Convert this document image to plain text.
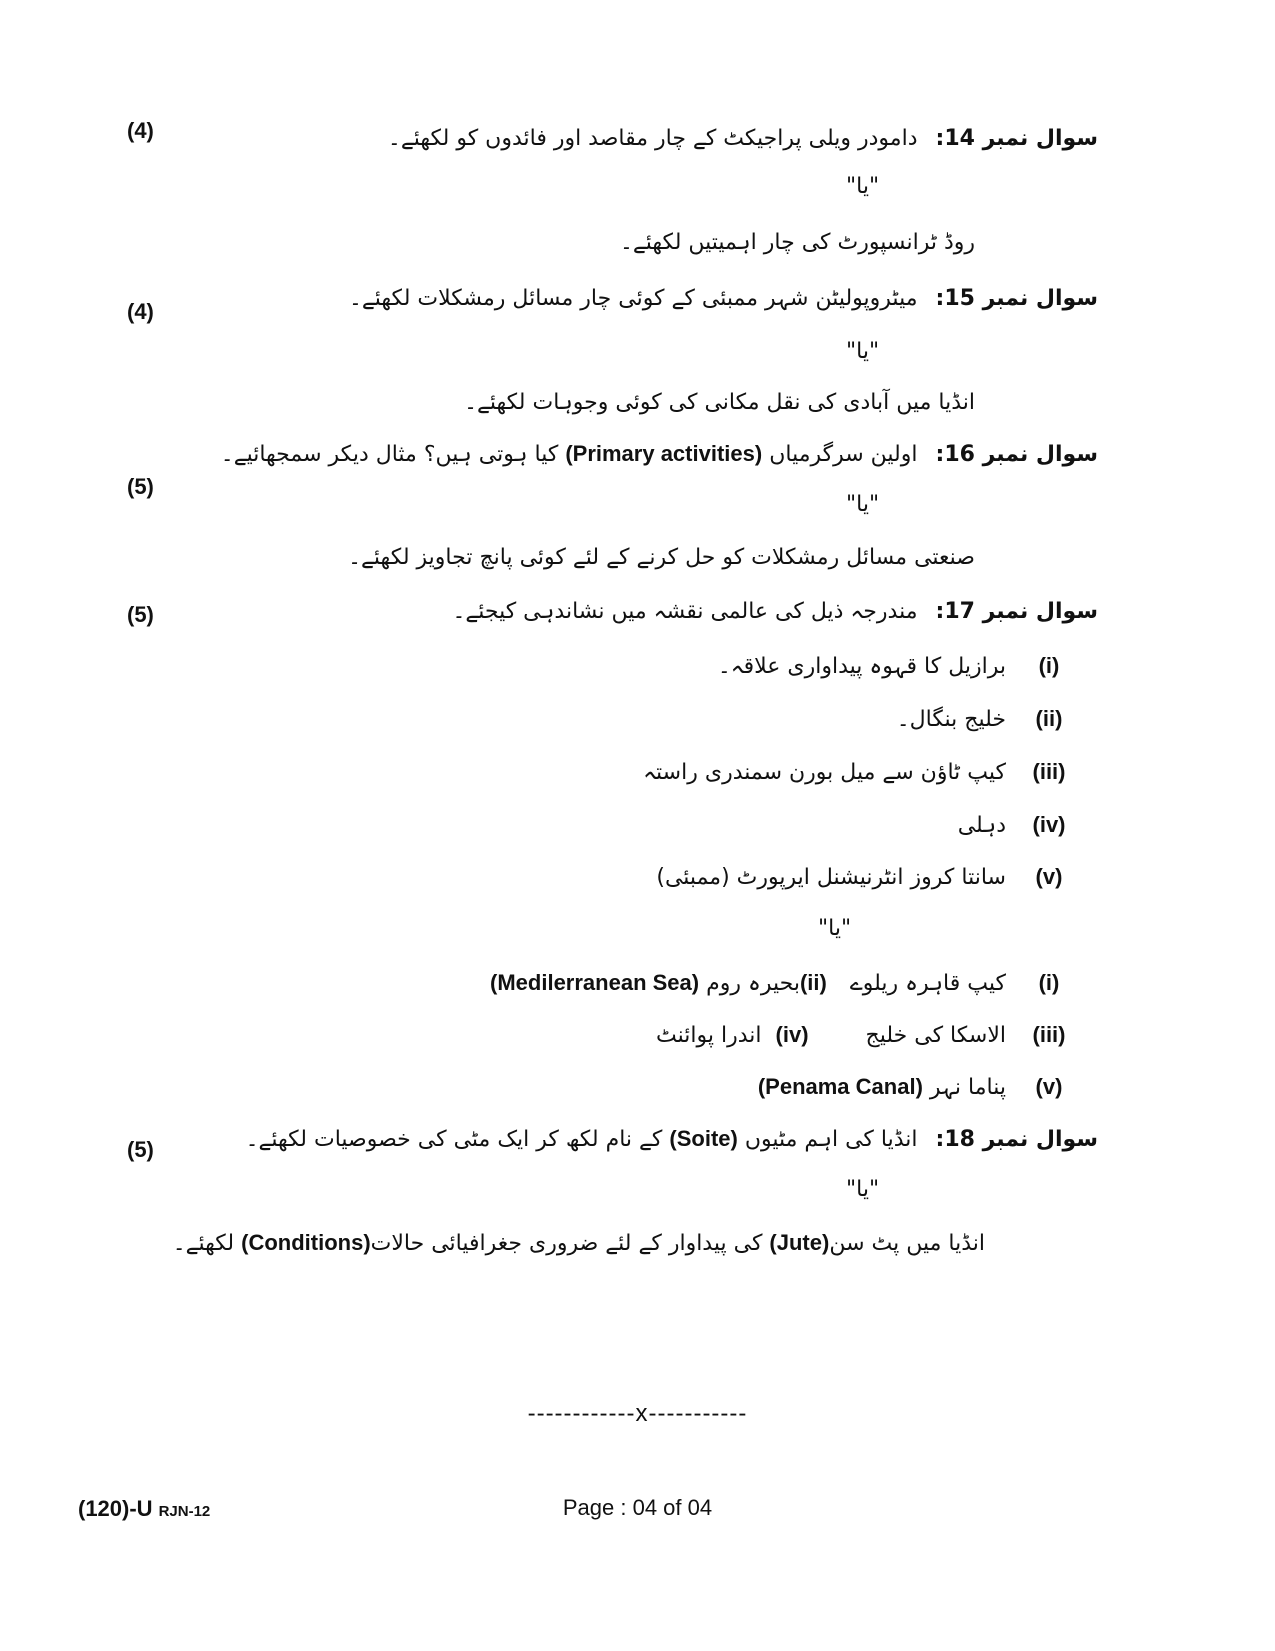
(4)	سوال نمبر 14:دامودر ویلی پراجیکٹ کے چار مقاصد اور فائدوں کو لکھئے۔
"یا"
روڈ ٹرانسپورٹ کی چار اہمیتیں لکھئے۔
(4)
سوال نمبر 15:میٹروپولیٹن شہر ممبئی کے کوئی چار مسائل رمشکلات لکھئے۔
"یا"
انڈیا میں آبادی کی نقل مکانی کی کوئی وجوہات لکھئے۔
(5)
سوال نمبر 16:اولین سرگرمیاں (Primary activities) کیا ہوتی ہیں؟ مثال دیکر سمجھائیے۔
"یا"
صنعتی مسائل رمشکلات کو حل کرنے کے لئے کوئی پانچ تجاویز لکھئے۔
(5)	سوال نمبر 17:مندرجہ ذیل کی عالمی نقشہ میں نشاندہی کیجئے۔
(i)برازیل کا قہوہ پیداواری علاقہ۔
(ii)خلیج بنگال۔
(iii)کیپ ٹاؤن سے میل بورن سمندری راستہ
(iv)دہلی
(v)سانتا کروز انٹرنیشنل ایرپورٹ (ممبئی)
"یا"
(i)کیپ قاہرہ ریلوے (ii)بحیرہ روم (Medilerranean Sea)
(iii)الاسکا کی خلیج (iv)اندرا پوائنٹ
(v)پناما نہر (Penama Canal)
(5)	سوال نمبر 18:انڈیا کی اہم مٹیوں (Soite) کے نام لکھ کر ایک مٹی کی خصوصیات لکھئے۔
"یا"
انڈیا میں پٹ سن(Jute) کی پیداوار کے لئے ضروری جغرافیائی حالات(Conditions) لکھئے۔
------------x-----------
(120)-U RJN-12	Page : 04 of 04
